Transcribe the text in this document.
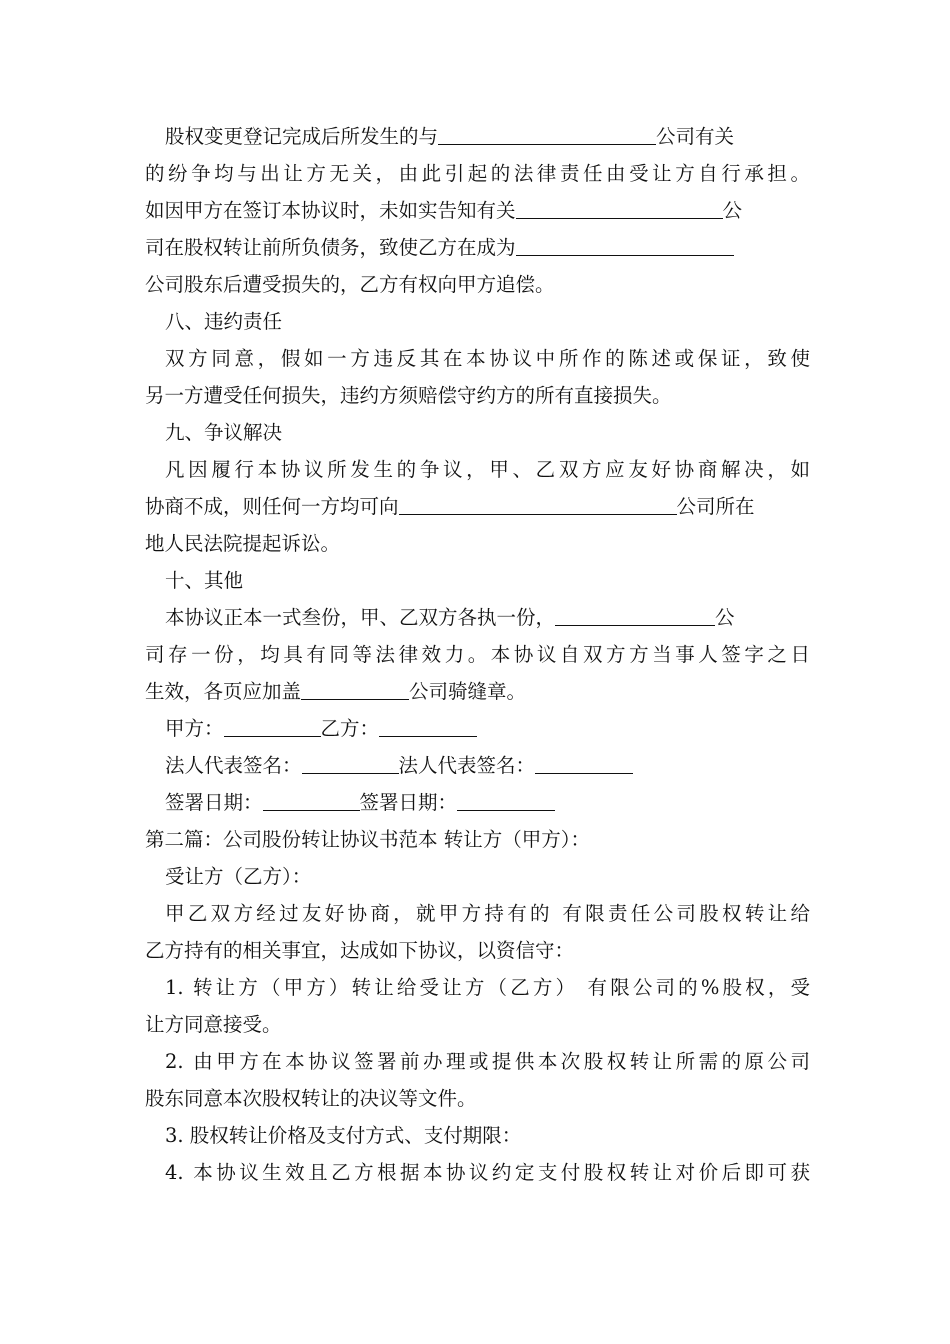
股权变更登记完成后所发生的与	公司有关
的纷争均与出让方无关，由此引起的法律责任由受让方自行承担。
如因甲方在签订本协议时，未如实告知有关	公
司在股权转让前所负债务，致使乙方在成为
公司股东后遭受损失的，乙方有权向甲方追偿。
八、违约责任
双方同意，假如一方违反其在本协议中所作的陈述或保证，致使
另一方遭受任何损失，违约方须赔偿守约方的所有直接损失。
九、争议解决
凡因履行本协议所发生的争议，甲、乙双方应友好协商解决，如
协商不成，则任何一方均可向	公司所在
地人民法院提起诉讼。
十、其他
本协议正本一式叁份，甲、乙双方各执一份，	公
司存一份，均具有同等法律效力。本协议自双方方当事人签字之日
生效，各页应加盖	公司骑缝章。
甲方：	乙方：
法人代表签名：	法人代表签名：
签署日期：	签署日期：
第二篇：公司股份转让协议书范本 转让方（甲方）：
受让方（乙方）：
甲乙双方经过友好协商，就甲方持有的 有限责任公司股权转让给
乙方持有的相关事宜，达成如下协议，以资信守：
1. 转让方（甲方）转让给受让方（乙方） 有限公司的%股权，受
让方同意接受。
2. 由甲方在本协议签署前办理或提供本次股权转让所需的原公司
股东同意本次股权转让的决议等文件。
3. 股权转让价格及支付方式、支付期限：
4. 本协议生效且乙方根据本协议约定支付股权转让对价后即可获
